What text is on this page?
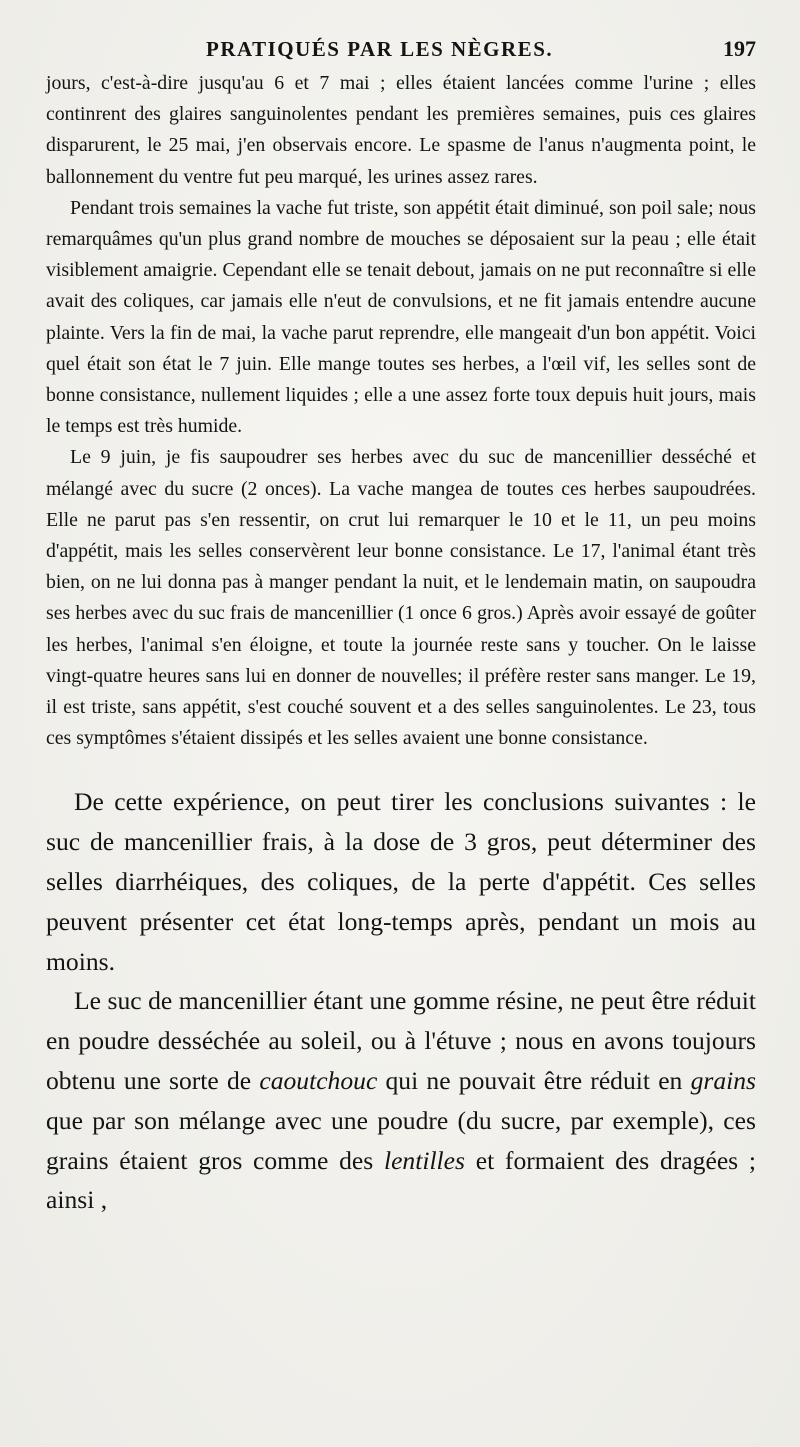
PRATIQUÉS PAR LES NÈGRES.	197

jours, c'est-à-dire jusqu'au 6 et 7 mai ; elles étaient lancées comme l'urine ; elles continrent des glaires sanguinolentes pendant les premières semaines, puis ces glaires disparurent, le 25 mai, j'en observais encore. Le spasme de l'anus n'augmenta point, le ballonnement du ventre fut peu marqué, les urines assez rares.

Pendant trois semaines la vache fut triste, son appétit était diminué, son poil sale; nous remarquâmes qu'un plus grand nombre de mouches se déposaient sur la peau ; elle était visiblement amaigrie. Cependant elle se tenait debout, jamais on ne put reconnaître si elle avait des coliques, car jamais elle n'eut de convulsions, et ne fit jamais entendre aucune plainte. Vers la fin de mai, la vache parut reprendre, elle mangeait d'un bon appétit. Voici quel était son état le 7 juin. Elle mange toutes ses herbes, a l'œil vif, les selles sont de bonne consistance, nullement liquides ; elle a une assez forte toux depuis huit jours, mais le temps est très humide.

Le 9 juin, je fis saupoudrer ses herbes avec du suc de mancenillier desséché et mélangé avec du sucre (2 onces). La vache mangea de toutes ces herbes saupoudrées. Elle ne parut pas s'en ressentir, on crut lui remarquer le 10 et le 11, un peu moins d'appétit, mais les selles conservèrent leur bonne consistance. Le 17, l'animal étant très bien, on ne lui donna pas à manger pendant la nuit, et le lendemain matin, on saupoudra ses herbes avec du suc frais de mancenillier (1 once 6 gros.) Après avoir essayé de goûter les herbes, l'animal s'en éloigne, et toute la journée reste sans y toucher. On le laisse vingt-quatre heures sans lui en donner de nouvelles; il préfère rester sans manger. Le 19, il est triste, sans appétit, s'est couché souvent et a des selles sanguinolentes. Le 23, tous ces symptômes s'étaient dissipés et les selles avaient une bonne consistance.

De cette expérience, on peut tirer les conclusions suivantes : le suc de mancenillier frais, à la dose de 3 gros, peut déterminer des selles diarrhéiques, des coliques, de la perte d'appétit. Ces selles peuvent présenter cet état long-temps après, pendant un mois au moins.

Le suc de mancenillier étant une gomme résine, ne peut être réduit en poudre desséchée au soleil, ou à l'étuve ; nous en avons toujours obtenu une sorte de caoutchouc qui ne pouvait être réduit en grains que par son mélange avec une poudre (du sucre, par exemple), ces grains étaient gros comme des lentilles et formaient des dragées ; ainsi ,
